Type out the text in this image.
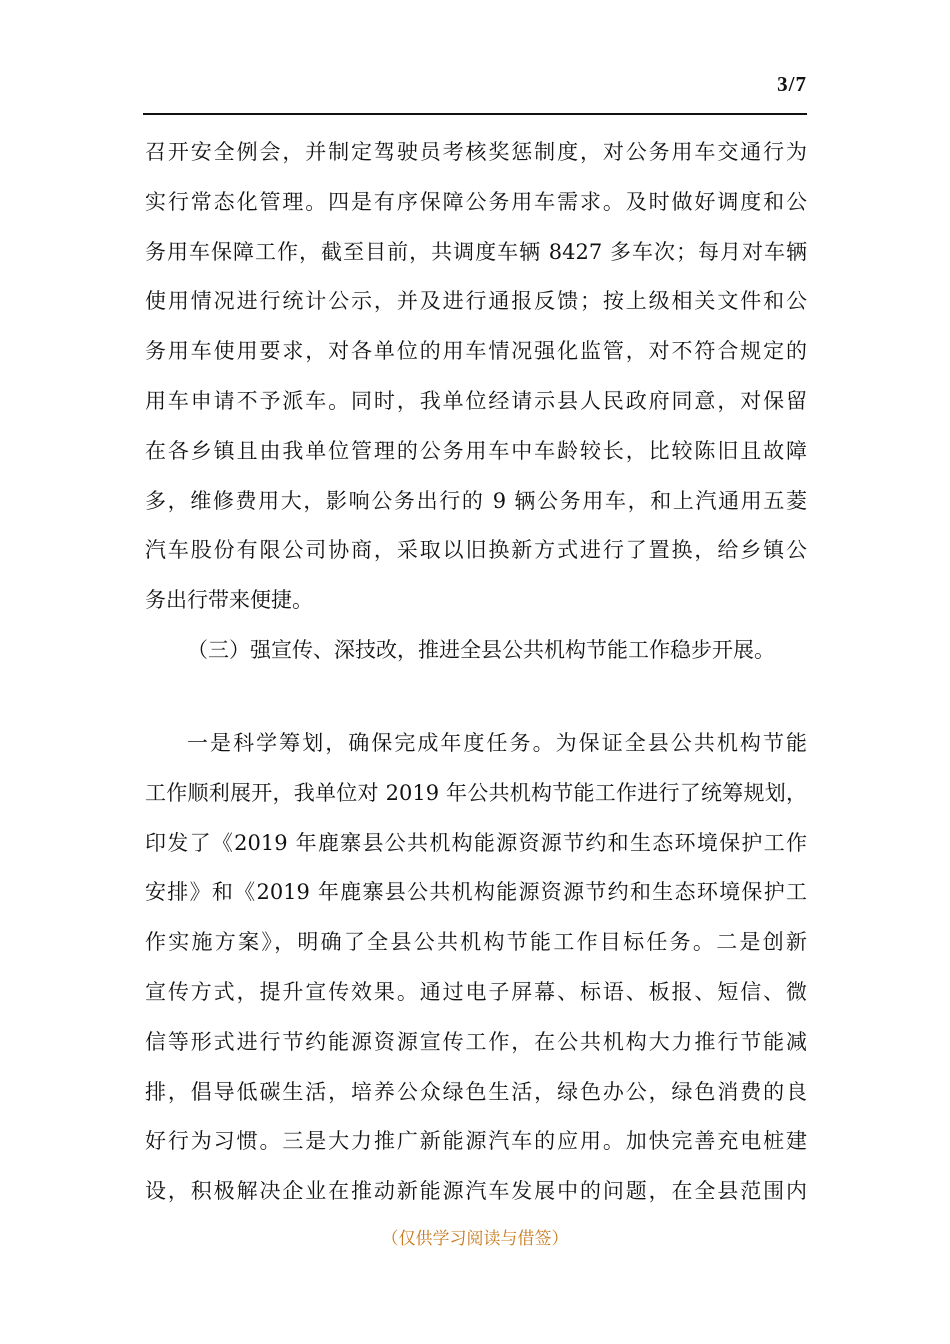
3/7
召开安全例会，并制定驾驶员考核奖惩制度，对公务用车交通行为
实行常态化管理。四是有序保障公务用车需求。及时做好调度和公
务用车保障工作，截至目前，共调度车辆 8427 多车次；每月对车辆
使用情况进行统计公示，并及进行通报反馈；按上级相关文件和公
务用车使用要求，对各单位的用车情况强化监管，对不符合规定的
用车申请不予派车。同时，我单位经请示县人民政府同意，对保留
在各乡镇且由我单位管理的公务用车中车龄较长，比较陈旧且故障
多，维修费用大，影响公务出行的 9 辆公务用车，和上汽通用五菱
汽车股份有限公司协商，采取以旧换新方式进行了置换，给乡镇公
务出行带来便捷。
（三）强宣传、深技改，推进全县公共机构节能工作稳步开展。
一是科学筹划，确保完成年度任务。为保证全县公共机构节能
工作顺利展开，我单位对 2019 年公共机构节能工作进行了统筹规划，
印发了《2019 年鹿寨县公共机构能源资源节约和生态环境保护工作
安排》和《2019 年鹿寨县公共机构能源资源节约和生态环境保护工
作实施方案》，明确了全县公共机构节能工作目标任务。二是创新
宣传方式，提升宣传效果。通过电子屏幕、标语、板报、短信、微
信等形式进行节约能源资源宣传工作，在公共机构大力推行节能减
排，倡导低碳生活，培养公众绿色生活，绿色办公，绿色消费的良
好行为习惯。三是大力推广新能源汽车的应用。加快完善充电桩建
设，积极解决企业在推动新能源汽车发展中的问题，在全县范围内
（仅供学习阅读与借签）
